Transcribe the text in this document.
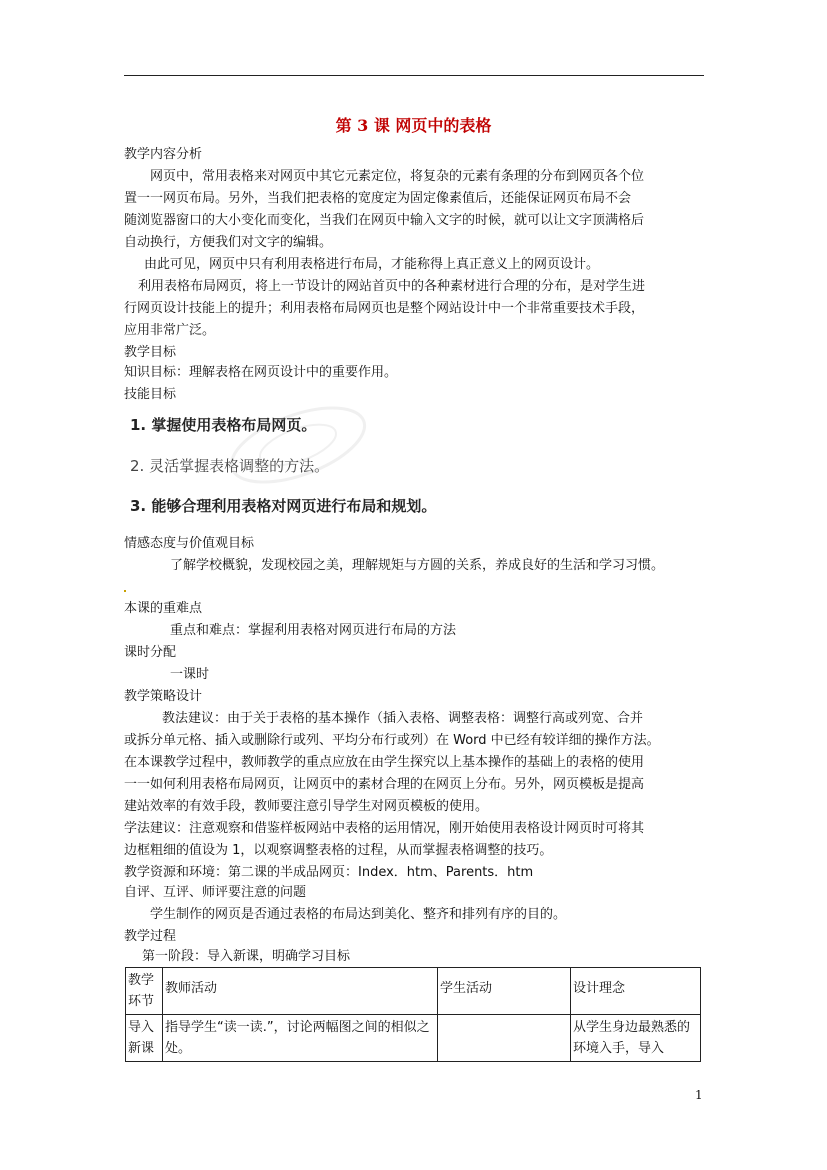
第 3 课 网页中的表格
教学内容分析
网页中，常用表格来对网页中其它元素定位，将复杂的元素有条理的分布到网页各个位
置一一网页布局。另外，当我们把表格的宽度定为固定像素值后，还能保证网页布局不会
随浏览器窗口的大小变化而变化，当我们在网页中输入文字的时候，就可以让文字顶满格后
自动换行，方便我们对文字的编辑。
由此可见，网页中只有利用表格进行布局，才能称得上真正意义上的网页设计。
利用表格布局网页，将上一节设计的网站首页中的各种素材进行合理的分布，是对学生进
行网页设计技能上的提升；利用表格布局网页也是整个网站设计中一个非常重要技术手段，
应用非常广泛。
教学目标
知识目标：理解表格在网页设计中的重要作用。
技能目标
1. 掌握使用表格布局网页。
2. 灵活掌握表格调整的方法。
3. 能够合理利用表格对网页进行布局和规划。
情感态度与价值观目标
了解学校概貌，发现校园之美，理解规矩与方圆的关系，养成良好的生活和学习习惯。
本课的重难点
重点和难点：掌握利用表格对网页进行布局的方法
课时分配
一课时
教学策略设计
教法建议：由于关于表格的基本操作（插入表格、调整表格：调整行高或列宽、合并
或拆分单元格、插入或删除行或列、平均分布行或列）在 Word 中已经有较详细的操作方法。
在本课教学过程中，教师教学的重点应放在由学生探究以上基本操作的基础上的表格的使用
一一如何利用表格布局网页，让网页中的素材合理的在网页上分布。另外，网页模板是提高
建站效率的有效手段，教师要注意引导学生对网页模板的使用。
学法建议：注意观察和借鉴样板网站中表格的运用情况，刚开始使用表格设计网页时可将其
边框粗细的值设为 1，以观察调整表格的过程，从而掌握表格调整的技巧。
教学资源和环境：第二课的半成品网页：Index．htm、Parents．htm
自评、互评、师评要注意的问题
学生制作的网页是否通过表格的布局达到美化、整齐和排列有序的目的。
教学过程
第一阶段：导入新课，明确学习目标
教学环节	教师活动	学生活动	设计理念
导入新课	指导学生“读一读.”，讨论两幅图之间的相似之处。		从学生身边最熟悉的环境入手，导入
1
